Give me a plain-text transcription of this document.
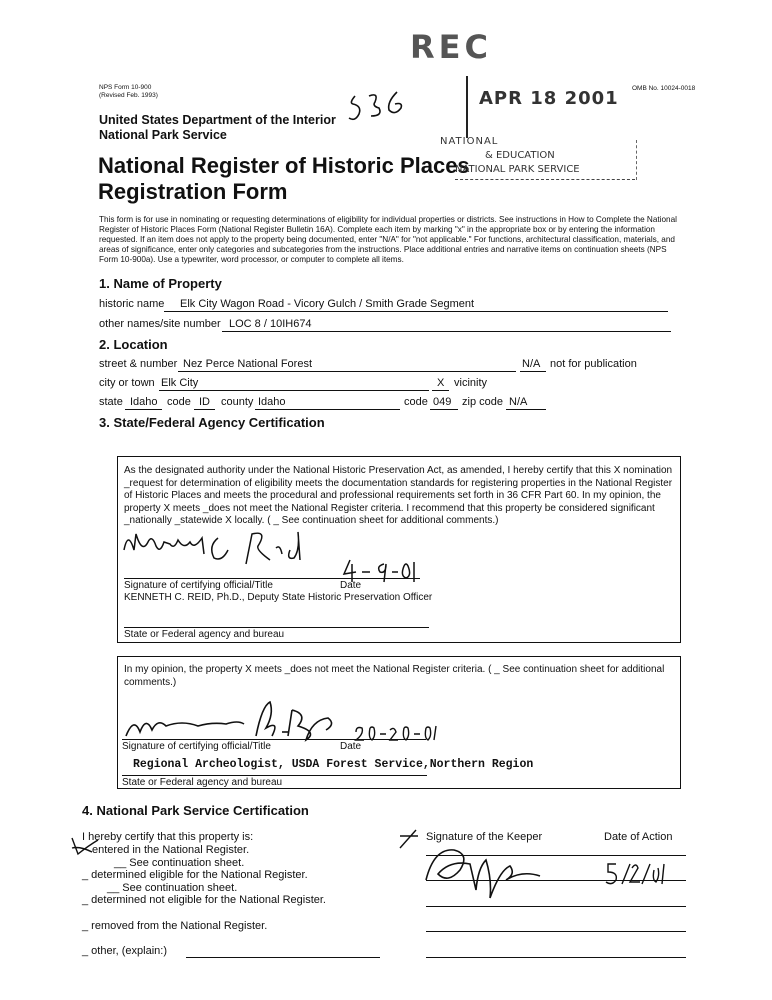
NPS Form 10-900
(Revised Feb. 1993)
OMB No. 10024-0018
United States Department of the Interior
National Park Service
National Register of Historic Places
Registration Form
REC
APR 18 2001
NATIONAL
& EDUCATION
NATIONAL PARK SERVICE
This form is for use in nominating or requesting determinations of eligibility for individual properties or districts. See instructions in How to Complete the National Register of Historic Places Form (National Register Bulletin 16A). Complete each item by marking "x" in the appropriate box or by entering the information requested. If an item does not apply to the property being documented, enter "N/A" for "not applicable." For functions, architectural classification, materials, and areas of significance, enter only categories and subcategories from the instructions. Place additional entries and narrative items on continuation sheets (NPS Form 10-900a). Use a typewriter, word processor, or computer to complete all items.
1. Name of Property
historic name Elk City Wagon Road - Vicory Gulch / Smith Grade Segment
other names/site number LOC 8 / 10IH674
2. Location
street & number Nez Perce National Forest	N/A not for publication
city or town Elk City	X vicinity
state Idaho code ID county Idaho	code 049 zip code N/A
3. State/Federal Agency Certification
As the designated authority under the National Historic Preservation Act, as amended, I hereby certify that this X nomination _request for determination of eligibility meets the documentation standards for registering properties in the National Register of Historic Places and meets the procedural and professional requirements set forth in 36 CFR Part 60. In my opinion, the property X meets _does not meet the National Register criteria. I recommend that this property be considered significant _nationally _statewide X locally. ( _ See continuation sheet for additional comments.)
Signature of certifying official/Title	Date
KENNETH C. REID, Ph.D., Deputy State Historic Preservation Officer
State or Federal agency and bureau
In my opinion, the property X meets _does not meet the National Register criteria. ( _ See continuation sheet for additional comments.)
Signature of certifying official/Title	Date
Regional Archeologist, USDA Forest Service,Northern Region
State or Federal agency and bureau
4. National Park Service Certification
I hereby certify that this property is:
entered in the National Register.
__ See continuation sheet.
_ determined eligible for the National Register.
__ See continuation sheet.
_ determined not eligible for the National Register.
_ removed from the National Register.
_ other, (explain:)
Signature of the Keeper	Date of Action
